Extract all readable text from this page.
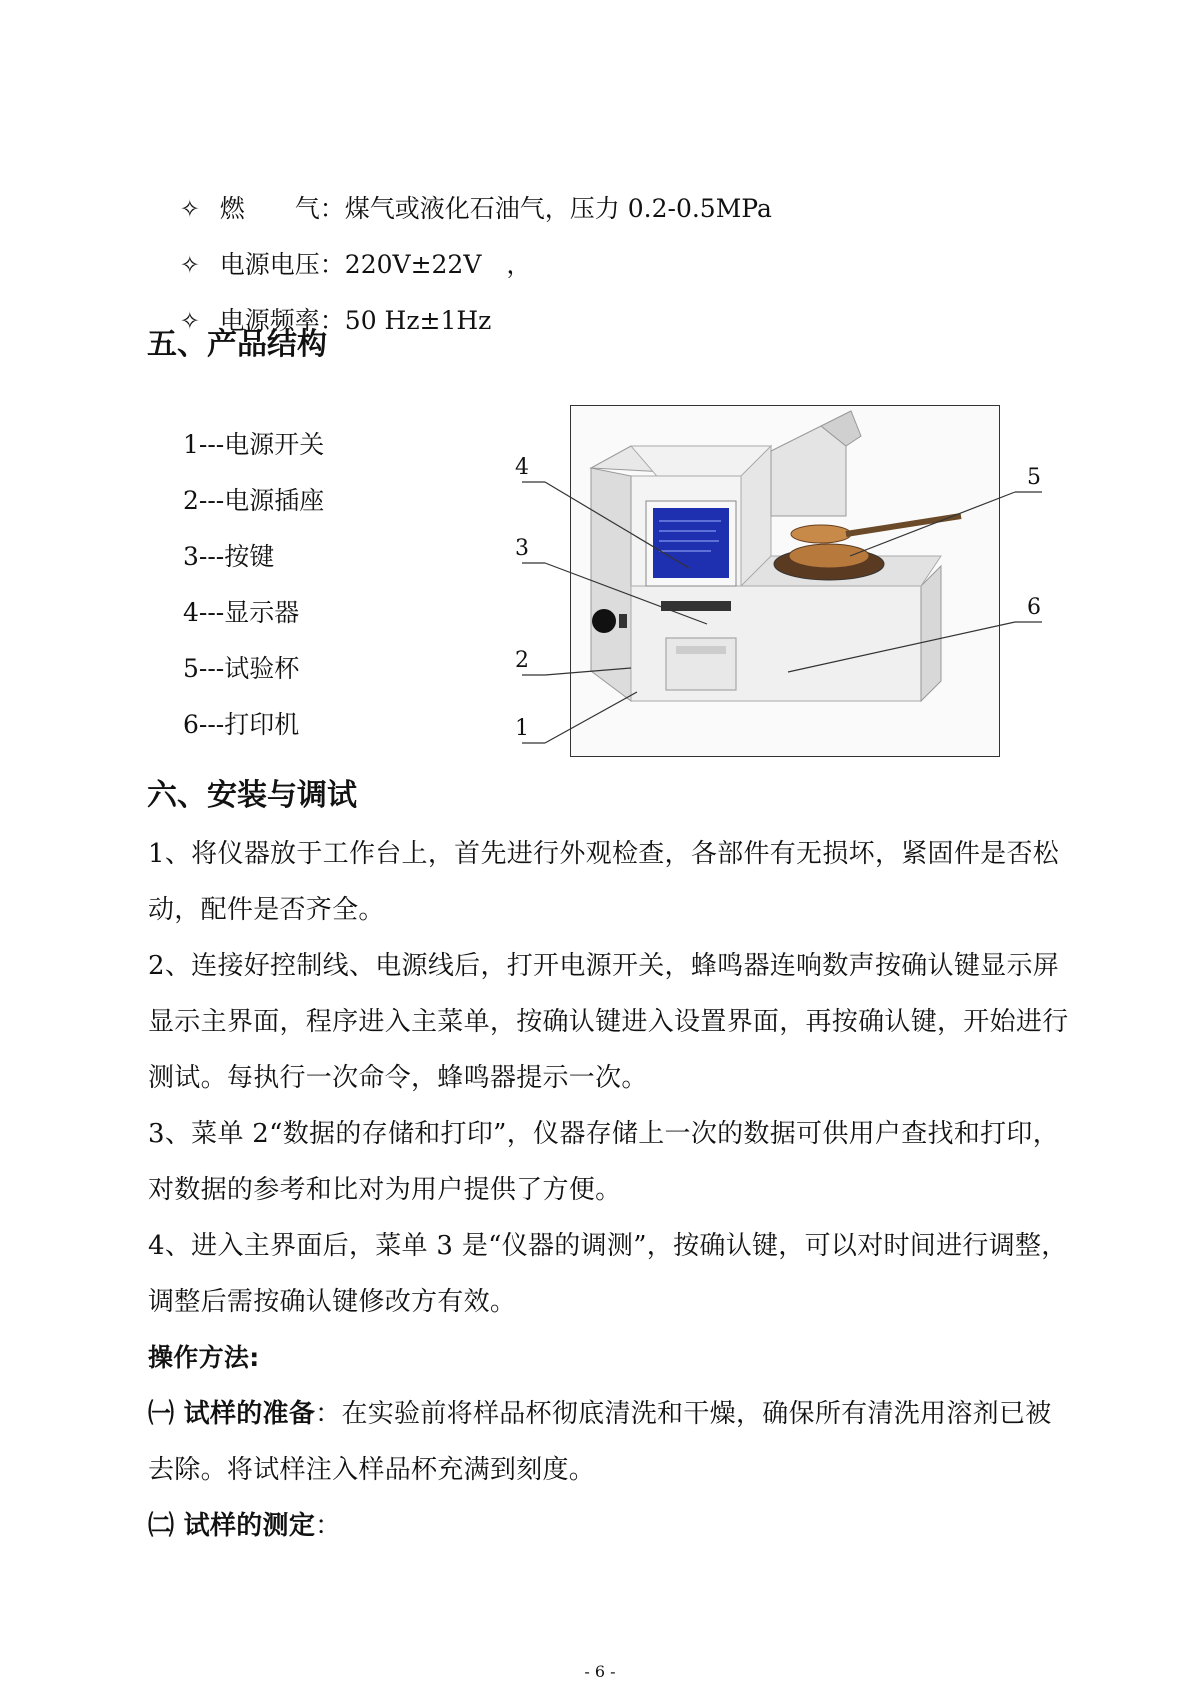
✧ 燃　　气：煤气或液化石油气，压力 0.2-0.5MPa

✧ 电源电压：220V±22V　，

✧ 电源频率：50 Hz±1Hz

五、产品结构
1---电源开关
2---电源插座
3---按键
4---显示器
5---试验杯
6---打印机
4
3
2
1
5
6
六、安装与调试
1、将仪器放于工作台上，首先进行外观检查，各部件有无损坏，紧固件是否松动，配件是否齐全。
2、连接好控制线、电源线后，打开电源开关，蜂鸣器连响数声按确认键显示屏显示主界面，程序进入主菜单，按确认键进入设置界面，再按确认键，开始进行测试。每执行一次命令，蜂鸣器提示一次。
3、菜单 2“数据的存储和打印”，仪器存储上一次的数据可供用户查找和打印，对数据的参考和比对为用户提供了方便。
4、进入主界面后，菜单 3 是“仪器的调测”，按确认键，可以对时间进行调整，调整后需按确认键修改方有效。
操作方法:
㈠ 试样的准备：在实验前将样品杯彻底清洗和干燥，确保所有清洗用溶剂已被去除。将试样注入样品杯充满到刻度。
㈡ 试样的测定：
- 6 -
